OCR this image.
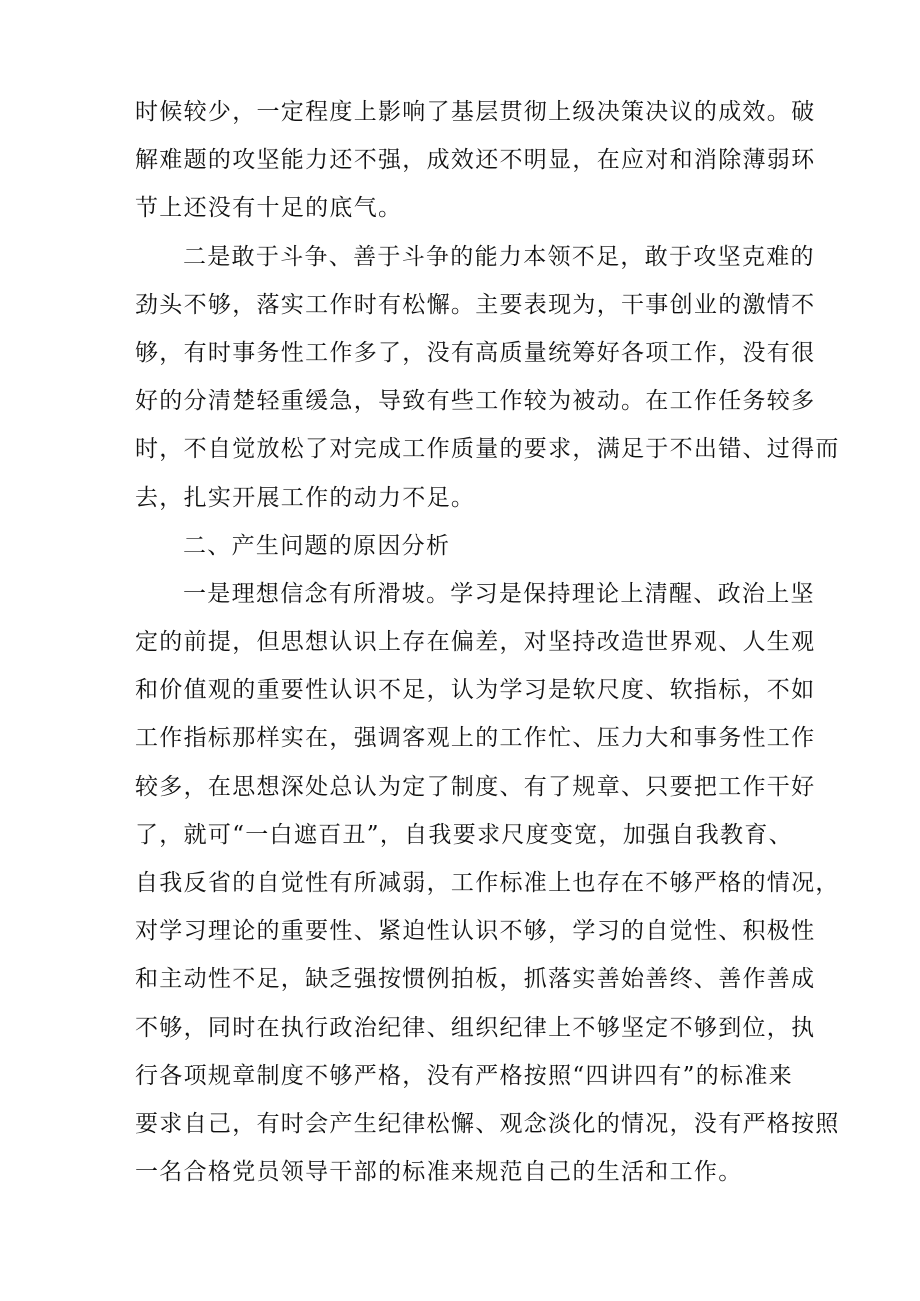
时候较少，一定程度上影响了基层贯彻上级决策决议的成效。破
解难题的攻坚能力还不强，成效还不明显，在应对和消除薄弱环
节上还没有十足的底气。
二是敢于斗争、善于斗争的能力本领不足，敢于攻坚克难的
劲头不够，落实工作时有松懈。主要表现为，干事创业的激情不
够，有时事务性工作多了，没有高质量统筹好各项工作，没有很
好的分清楚轻重缓急，导致有些工作较为被动。在工作任务较多
时，不自觉放松了对完成工作质量的要求，满足于不出错、过得而
去，扎实开展工作的动力不足。
二、产生问题的原因分析
一是理想信念有所滑坡。学习是保持理论上清醒、政治上坚
定的前提，但思想认识上存在偏差，对坚持改造世界观、人生观
和价值观的重要性认识不足，认为学习是软尺度、软指标，不如
工作指标那样实在，强调客观上的工作忙、压力大和事务性工作
较多，在思想深处总认为定了制度、有了规章、只要把工作干好
了，就可“一白遮百丑”，自我要求尺度变宽，加强自我教育、
自我反省的自觉性有所减弱，工作标准上也存在不够严格的情况，
对学习理论的重要性、紧迫性认识不够，学习的自觉性、积极性
和主动性不足，缺乏强按惯例拍板，抓落实善始善终、善作善成
不够，同时在执行政治纪律、组织纪律上不够坚定不够到位，执
行各项规章制度不够严格，没有严格按照“四讲四有”的标准来
要求自己，有时会产生纪律松懈、观念淡化的情况，没有严格按照
一名合格党员领导干部的标准来规范自己的生活和工作。
